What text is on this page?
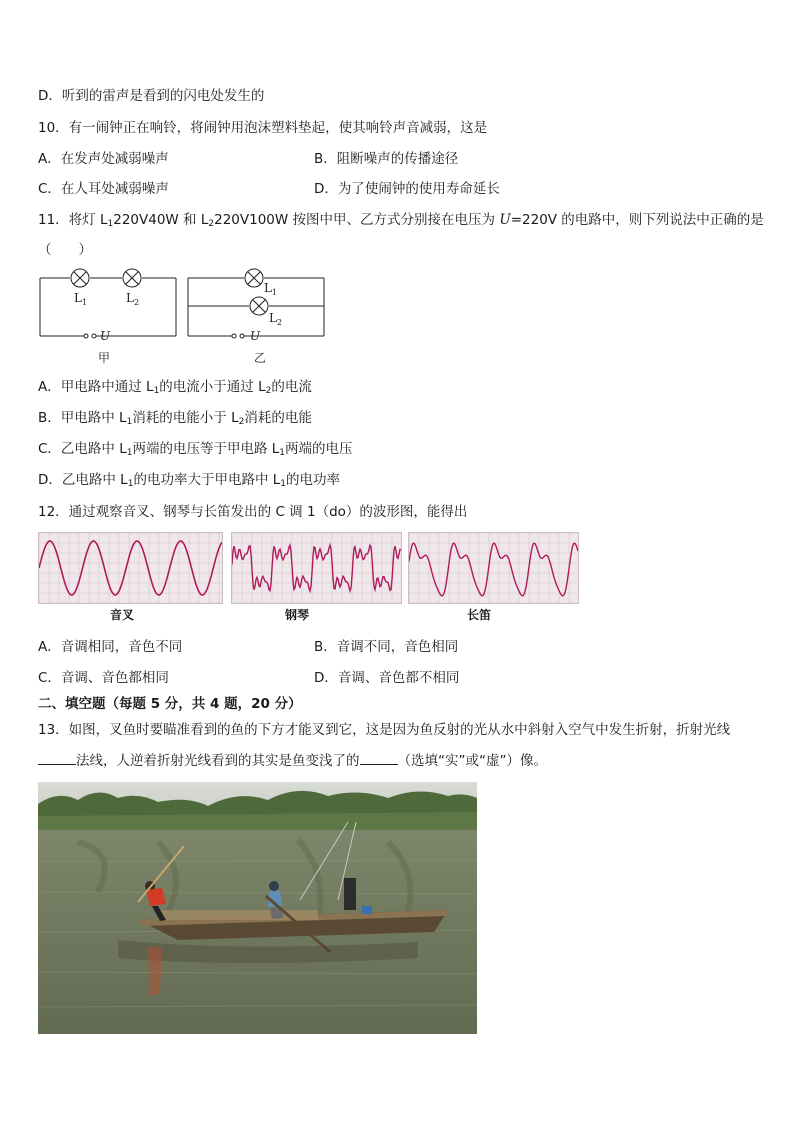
D．听到的雷声是看到的闪电处发生的
10．有一闹钟正在响铃，将闹钟用泡沫塑料垫起，使其响铃声音减弱，这是
A．在发声处减弱噪声	B．阻断噪声的传播途径
C．在人耳处减弱噪声	D．为了使闹钟的使用寿命延长
11．将灯 $L_1220V40W$ 和 $L_2220V100W$ 按图中甲、乙方式分别接在电压为 U=220V 的电路中，则下列说法中正确的是
（　　）
$L_1$	$L_2$
U
甲
$L_1$
$L_2$
U
乙
A．甲电路中通过 $L_1$的电流小于通过 $L_2$的电流
B．甲电路中 $L_1$消耗的电能小于 $L_2$消耗的电能
C．乙电路中 $L_1$两端的电压等于甲电路 $L_1$两端的电压
D．乙电路中 $L_1$的电功率大于甲电路中 $L_1$的电功率
12．通过观察音叉、钢琴与长笛发出的 C 调 1（do）的波形图，能得出
音叉	钢琴	长笛
A．音调相同，音色不同	B．音调不同，音色相同
C．音调、音色都相同	D．音调、音色都不相同
二、填空题（每题 5 分，共 4 题，20 分）
13．如图，叉鱼时要瞄准看到的鱼的下方才能叉到它，这是因为鱼反射的光从水中斜射入空气中发生折射，折射光线
法线，人逆着折射光线看到的其实是鱼变浅了的	（选填“实”或“虚”）像。
